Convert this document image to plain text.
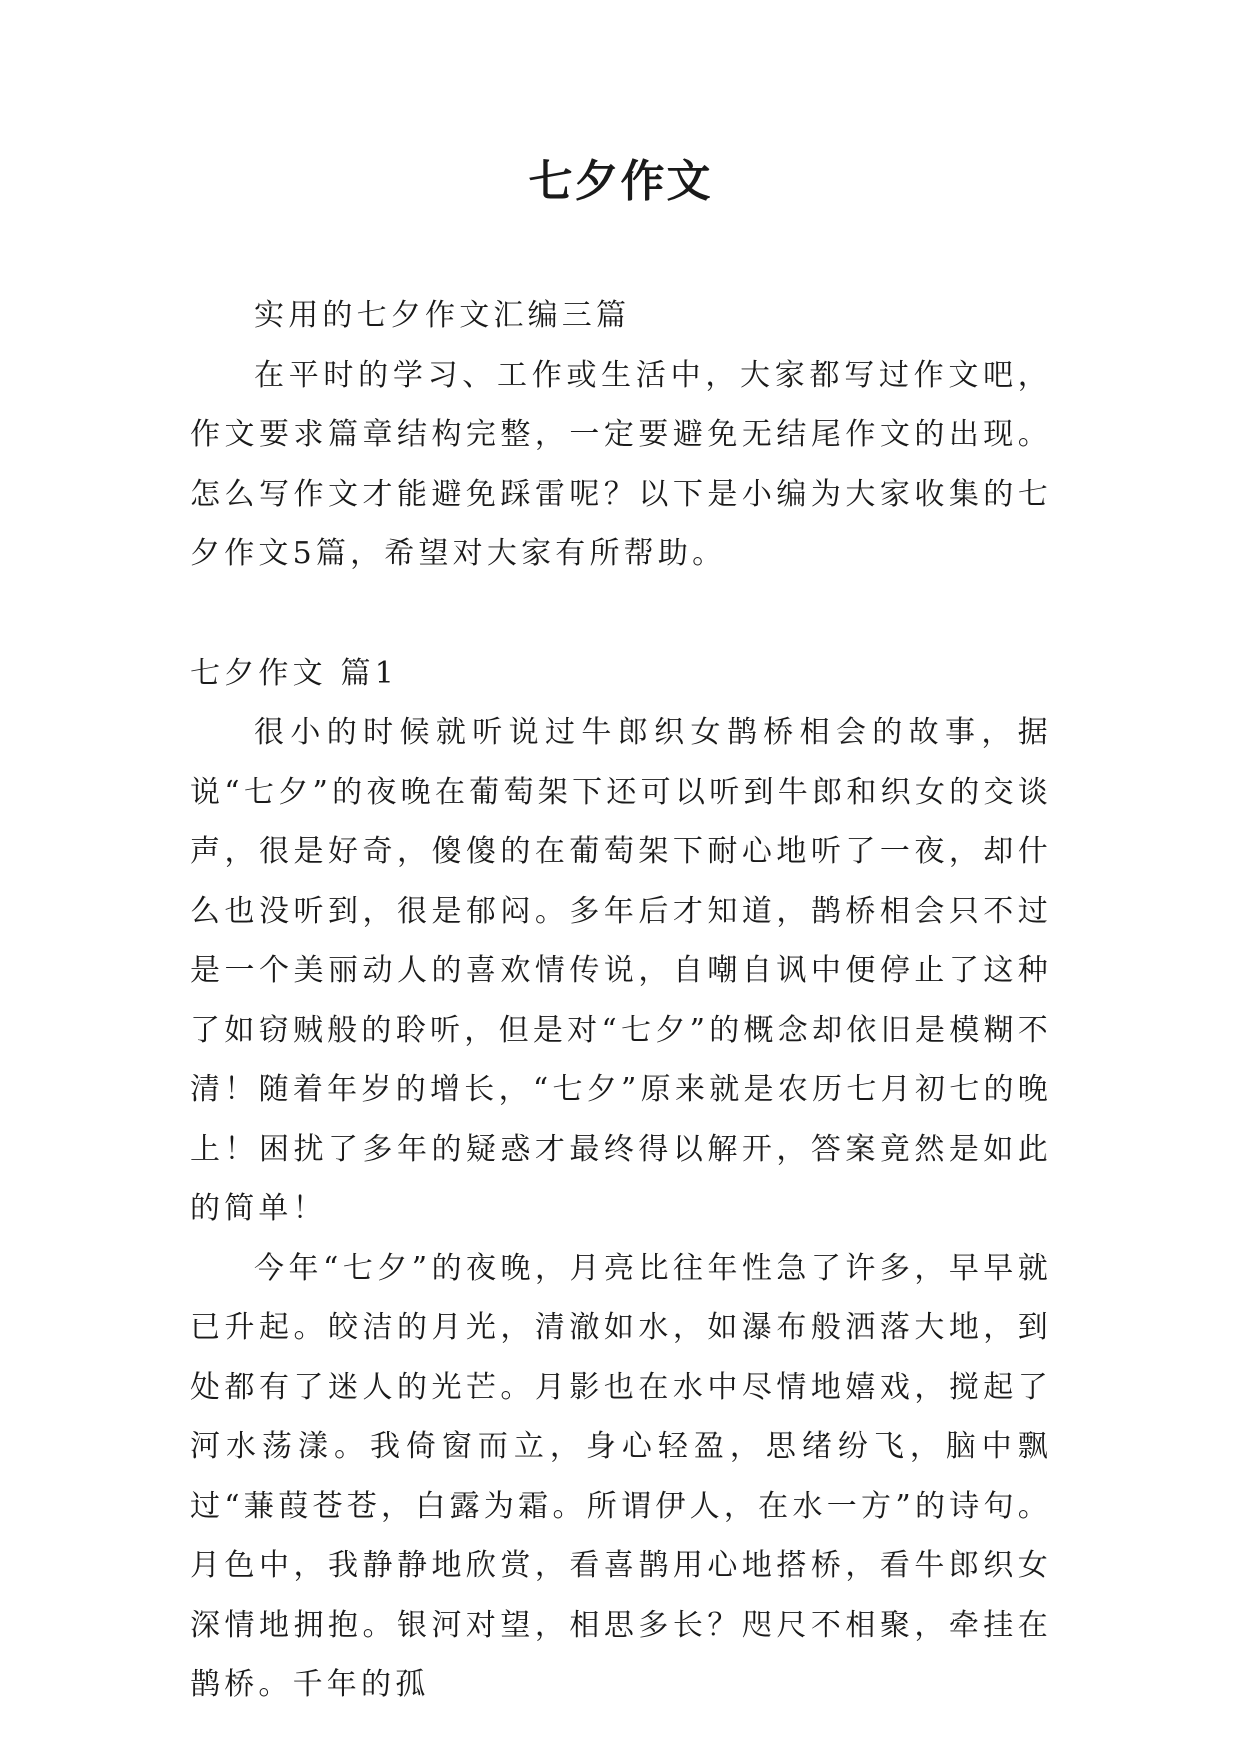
七夕作文

实用的七夕作文汇编三篇

在平时的学习、工作或生活中，大家都写过作文吧，作文要求篇章结构完整，一定要避免无结尾作文的出现。怎么写作文才能避免踩雷呢？以下是小编为大家收集的七夕作文5篇，希望对大家有所帮助。

七夕作文 篇1

很小的时候就听说过牛郎织女鹊桥相会的故事，据说“七夕”的夜晚在葡萄架下还可以听到牛郎和织女的交谈声，很是好奇，傻傻的在葡萄架下耐心地听了一夜，却什么也没听到，很是郁闷。多年后才知道，鹊桥相会只不过是一个美丽动人的喜欢情传说，自嘲自讽中便停止了这种了如窃贼般的聆听，但是对“七夕”的概念却依旧是模糊不清！随着年岁的增长，“七夕”原来就是农历七月初七的晚上！困扰了多年的疑惑才最终得以解开，答案竟然是如此的简单！

今年“七夕”的夜晚，月亮比往年性急了许多，早早就已升起。皎洁的月光，清澈如水，如瀑布般洒落大地，到处都有了迷人的光芒。月影也在水中尽情地嬉戏，搅起了河水荡漾。我倚窗而立，身心轻盈，思绪纷飞，脑中飘过“蒹葭苍苍，白露为霜。所谓伊人，在水一方”的诗句。月色中，我静静地欣赏，看喜鹊用心地搭桥，看牛郎织女深情地拥抱。银河对望，相思多长？咫尺不相聚，牵挂在鹊桥。千年的孤
